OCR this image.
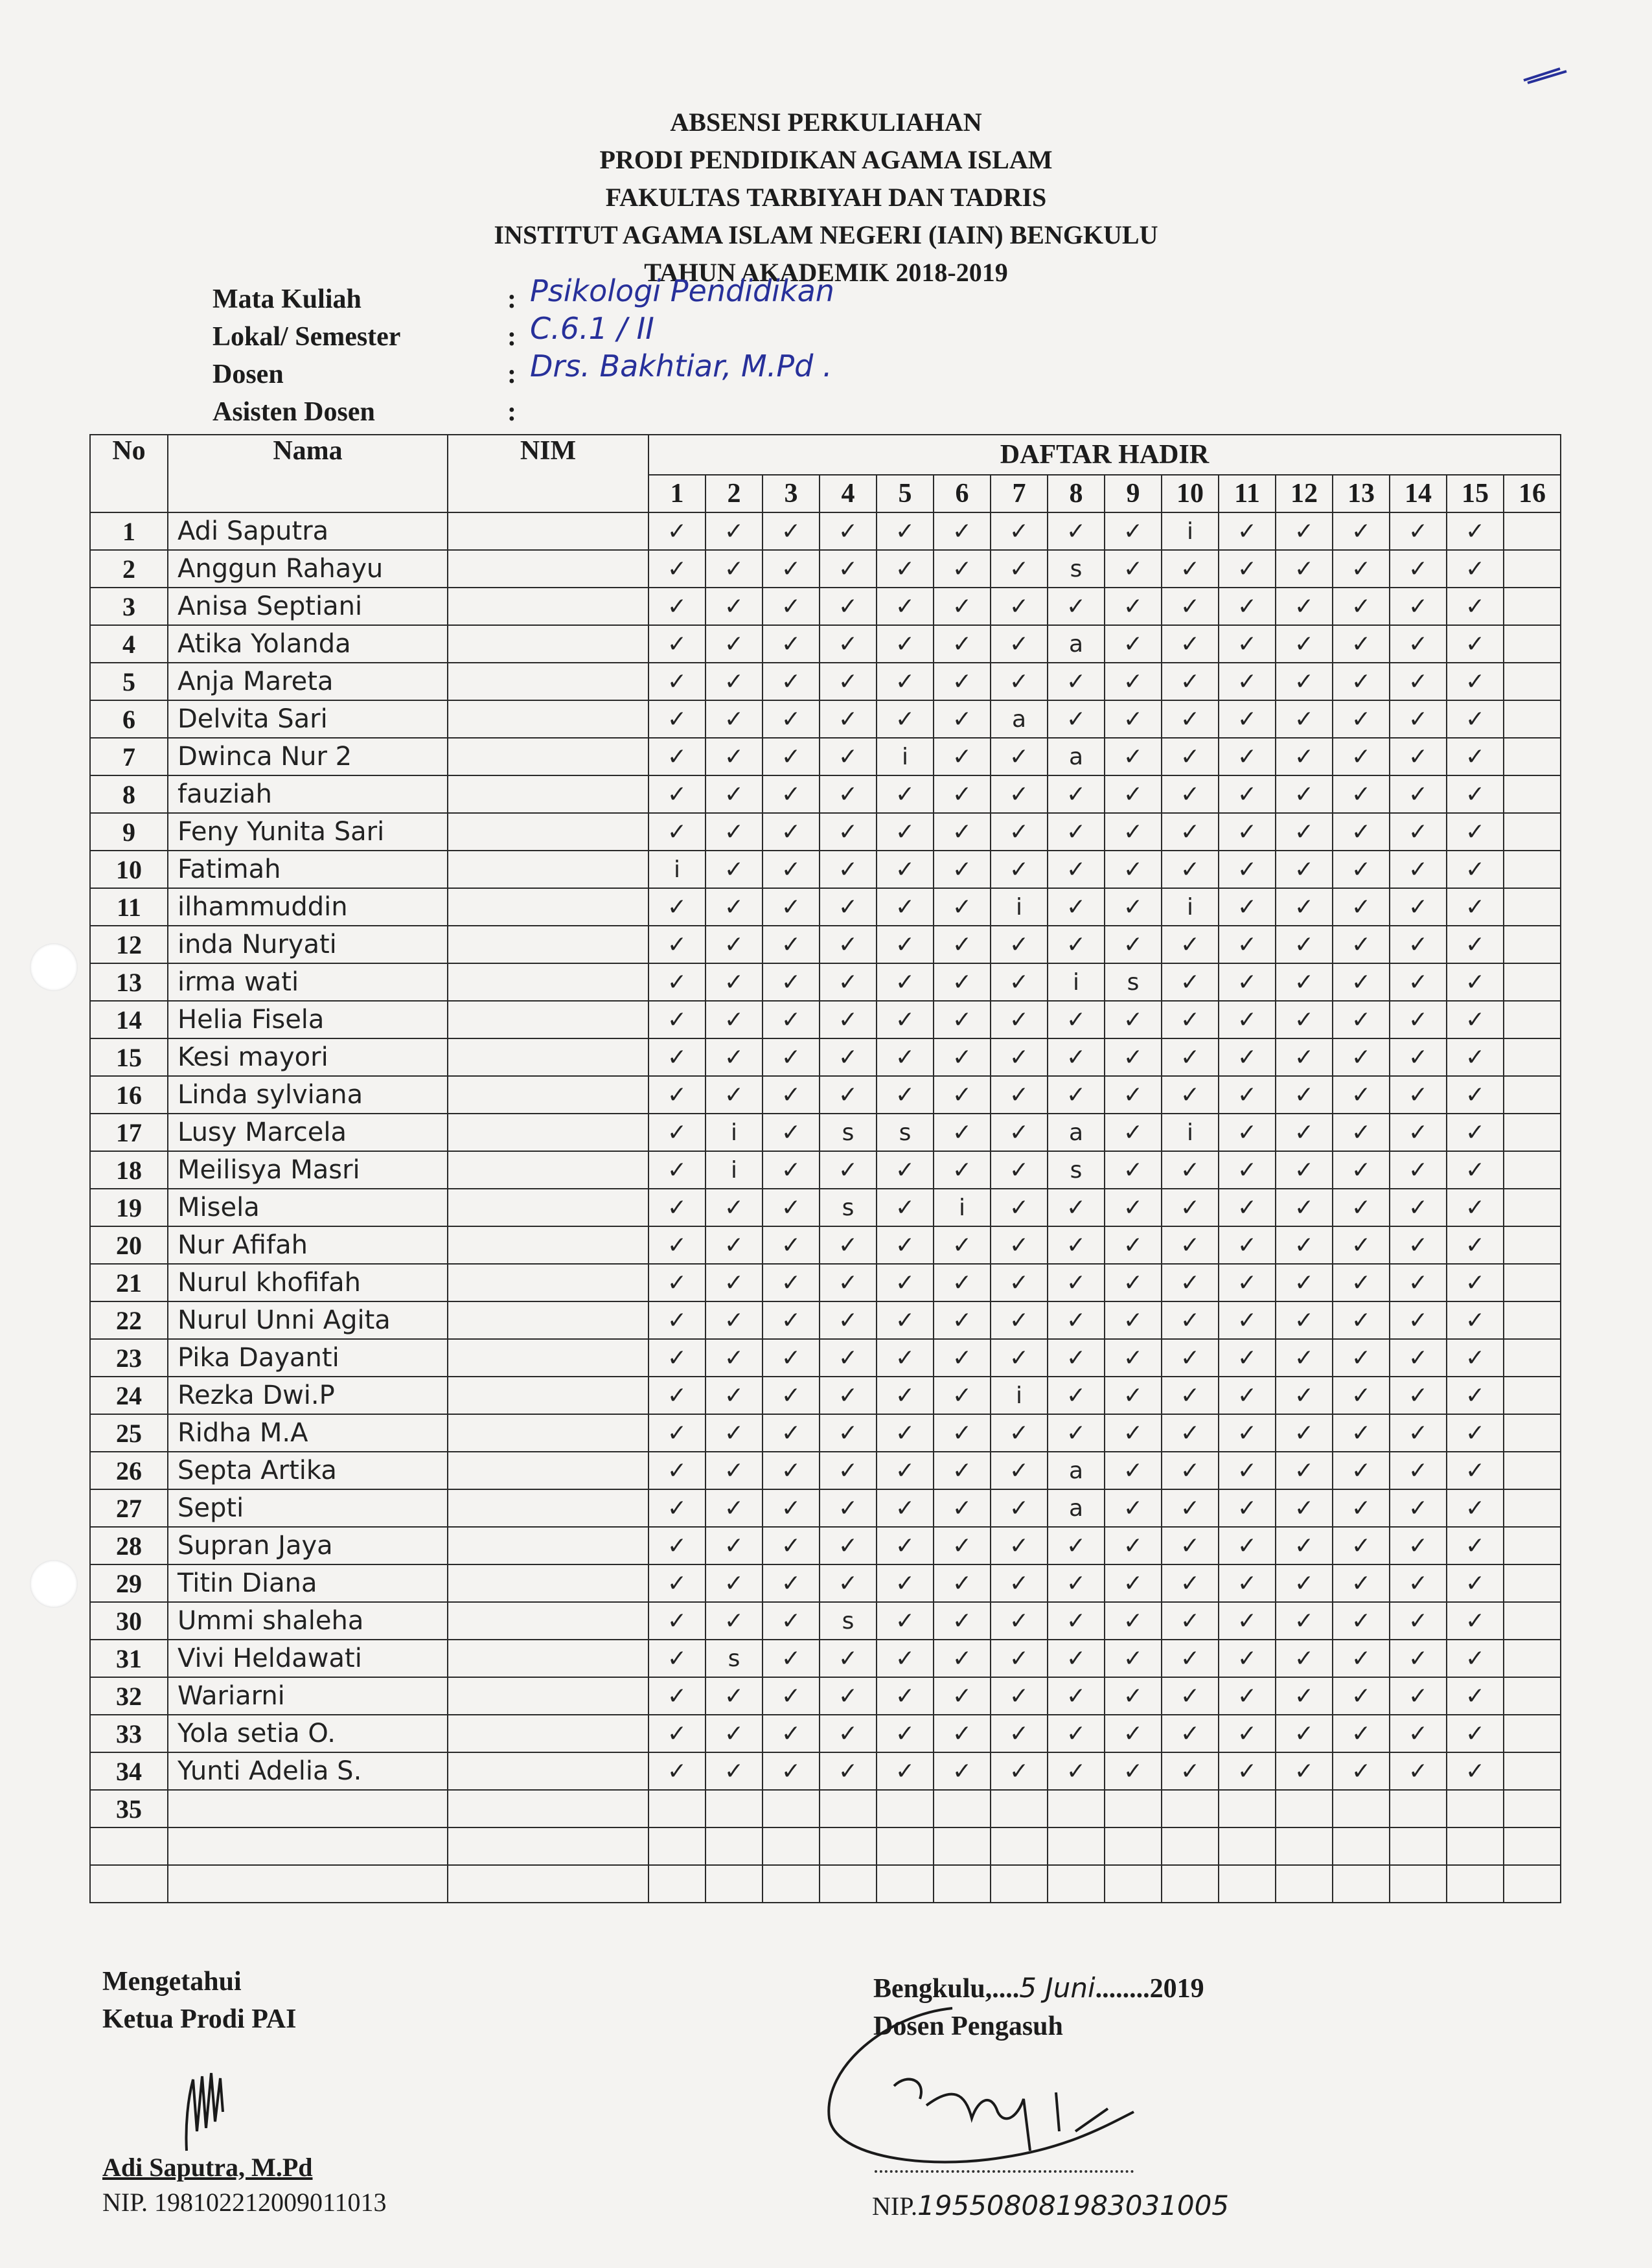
ABSENSI PERKULIAHAN
PRODI PENDIDIKAN AGAMA ISLAM
FAKULTAS TARBIYAH DAN TADRIS
INSTITUT AGAMA ISLAM NEGERI (IAIN) BENGKULU
TAHUN AKADEMIK 2018-2019
Mata Kuliah	: Psikologi Pendidikan
Lokal/ Semester	: C.6.1 / II
Dosen	: Drs. Bakhtiar, M.Pd .
Asisten Dosen	:
No	Nama	NIM	DAFTAR HADIR															
			1	2	3	4	5	6	7	8	9	10	11	12	13	14	15	16
1	Adi Saputra		✓	✓	✓	✓	✓	✓	✓	✓	✓	i	✓	✓	✓	✓	✓	
2	Anggun Rahayu		✓	✓	✓	✓	✓	✓	✓	s	✓	✓	✓	✓	✓	✓	✓	
3	Anisa Septiani		✓	✓	✓	✓	✓	✓	✓	✓	✓	✓	✓	✓	✓	✓	✓	
4	Atika Yolanda		✓	✓	✓	✓	✓	✓	✓	a	✓	✓	✓	✓	✓	✓	✓	
5	Anja Mareta		✓	✓	✓	✓	✓	✓	✓	✓	✓	✓	✓	✓	✓	✓	✓	
6	Delvita Sari		✓	✓	✓	✓	✓	✓	a	✓	✓	✓	✓	✓	✓	✓	✓	
7	Dwinca Nur 2		✓	✓	✓	✓	i	✓	✓	a	✓	✓	✓	✓	✓	✓	✓	
8	fauziah		✓	✓	✓	✓	✓	✓	✓	✓	✓	✓	✓	✓	✓	✓	✓	
9	Feny Yunita Sari		✓	✓	✓	✓	✓	✓	✓	✓	✓	✓	✓	✓	✓	✓	✓	
10	Fatimah		i	✓	✓	✓	✓	✓	✓	✓	✓	✓	✓	✓	✓	✓	✓	
11	ilhammuddin		✓	✓	✓	✓	✓	✓	i	✓	✓	i	✓	✓	✓	✓	✓	
12	inda Nuryati		✓	✓	✓	✓	✓	✓	✓	✓	✓	✓	✓	✓	✓	✓	✓	
13	irma wati		✓	✓	✓	✓	✓	✓	✓	i	s	✓	✓	✓	✓	✓	✓	
14	Helia Fisela		✓	✓	✓	✓	✓	✓	✓	✓	✓	✓	✓	✓	✓	✓	✓	
15	Kesi mayori		✓	✓	✓	✓	✓	✓	✓	✓	✓	✓	✓	✓	✓	✓	✓	
16	Linda sylviana		✓	✓	✓	✓	✓	✓	✓	✓	✓	✓	✓	✓	✓	✓	✓	
17	Lusy Marcela		✓	i	✓	s	s	✓	✓	a	✓	i	✓	✓	✓	✓	✓	
18	Meilisya Masri		✓	i	✓	✓	✓	✓	✓	s	✓	✓	✓	✓	✓	✓	✓	
19	Misela		✓	✓	✓	s	✓	i	✓	✓	✓	✓	✓	✓	✓	✓	✓	
20	Nur Afifah		✓	✓	✓	✓	✓	✓	✓	✓	✓	✓	✓	✓	✓	✓	✓	
21	Nurul khofifah		✓	✓	✓	✓	✓	✓	✓	✓	✓	✓	✓	✓	✓	✓	✓	
22	Nurul Unni Agita		✓	✓	✓	✓	✓	✓	✓	✓	✓	✓	✓	✓	✓	✓	✓	
23	Pika Dayanti		✓	✓	✓	✓	✓	✓	✓	✓	✓	✓	✓	✓	✓	✓	✓	
24	Rezka Dwi.P		✓	✓	✓	✓	✓	✓	i	✓	✓	✓	✓	✓	✓	✓	✓	
25	Ridha M.A		✓	✓	✓	✓	✓	✓	✓	✓	✓	✓	✓	✓	✓	✓	✓	
26	Septa Artika		✓	✓	✓	✓	✓	✓	✓	a	✓	✓	✓	✓	✓	✓	✓	
27	Septi		✓	✓	✓	✓	✓	✓	✓	a	✓	✓	✓	✓	✓	✓	✓	
28	Supran Jaya		✓	✓	✓	✓	✓	✓	✓	✓	✓	✓	✓	✓	✓	✓	✓	
29	Titin Diana		✓	✓	✓	✓	✓	✓	✓	✓	✓	✓	✓	✓	✓	✓	✓	
30	Ummi shaleha		✓	✓	✓	s	✓	✓	✓	✓	✓	✓	✓	✓	✓	✓	✓	
31	Vivi Heldawati		✓	s	✓	✓	✓	✓	✓	✓	✓	✓	✓	✓	✓	✓	✓	
32	Wariarni		✓	✓	✓	✓	✓	✓	✓	✓	✓	✓	✓	✓	✓	✓	✓	
33	Yola setia O.		✓	✓	✓	✓	✓	✓	✓	✓	✓	✓	✓	✓	✓	✓	✓	
34	Yunti Adelia S.		✓	✓	✓	✓	✓	✓	✓	✓	✓	✓	✓	✓	✓	✓	✓	
35																		

Mengetahui
Ketua Prodi PAI
Adi Saputra, M.Pd
NIP. 198102212009011013
Bengkulu,....5 Juni........2019
Dosen Pengasuh
NIP.195508081983031005
